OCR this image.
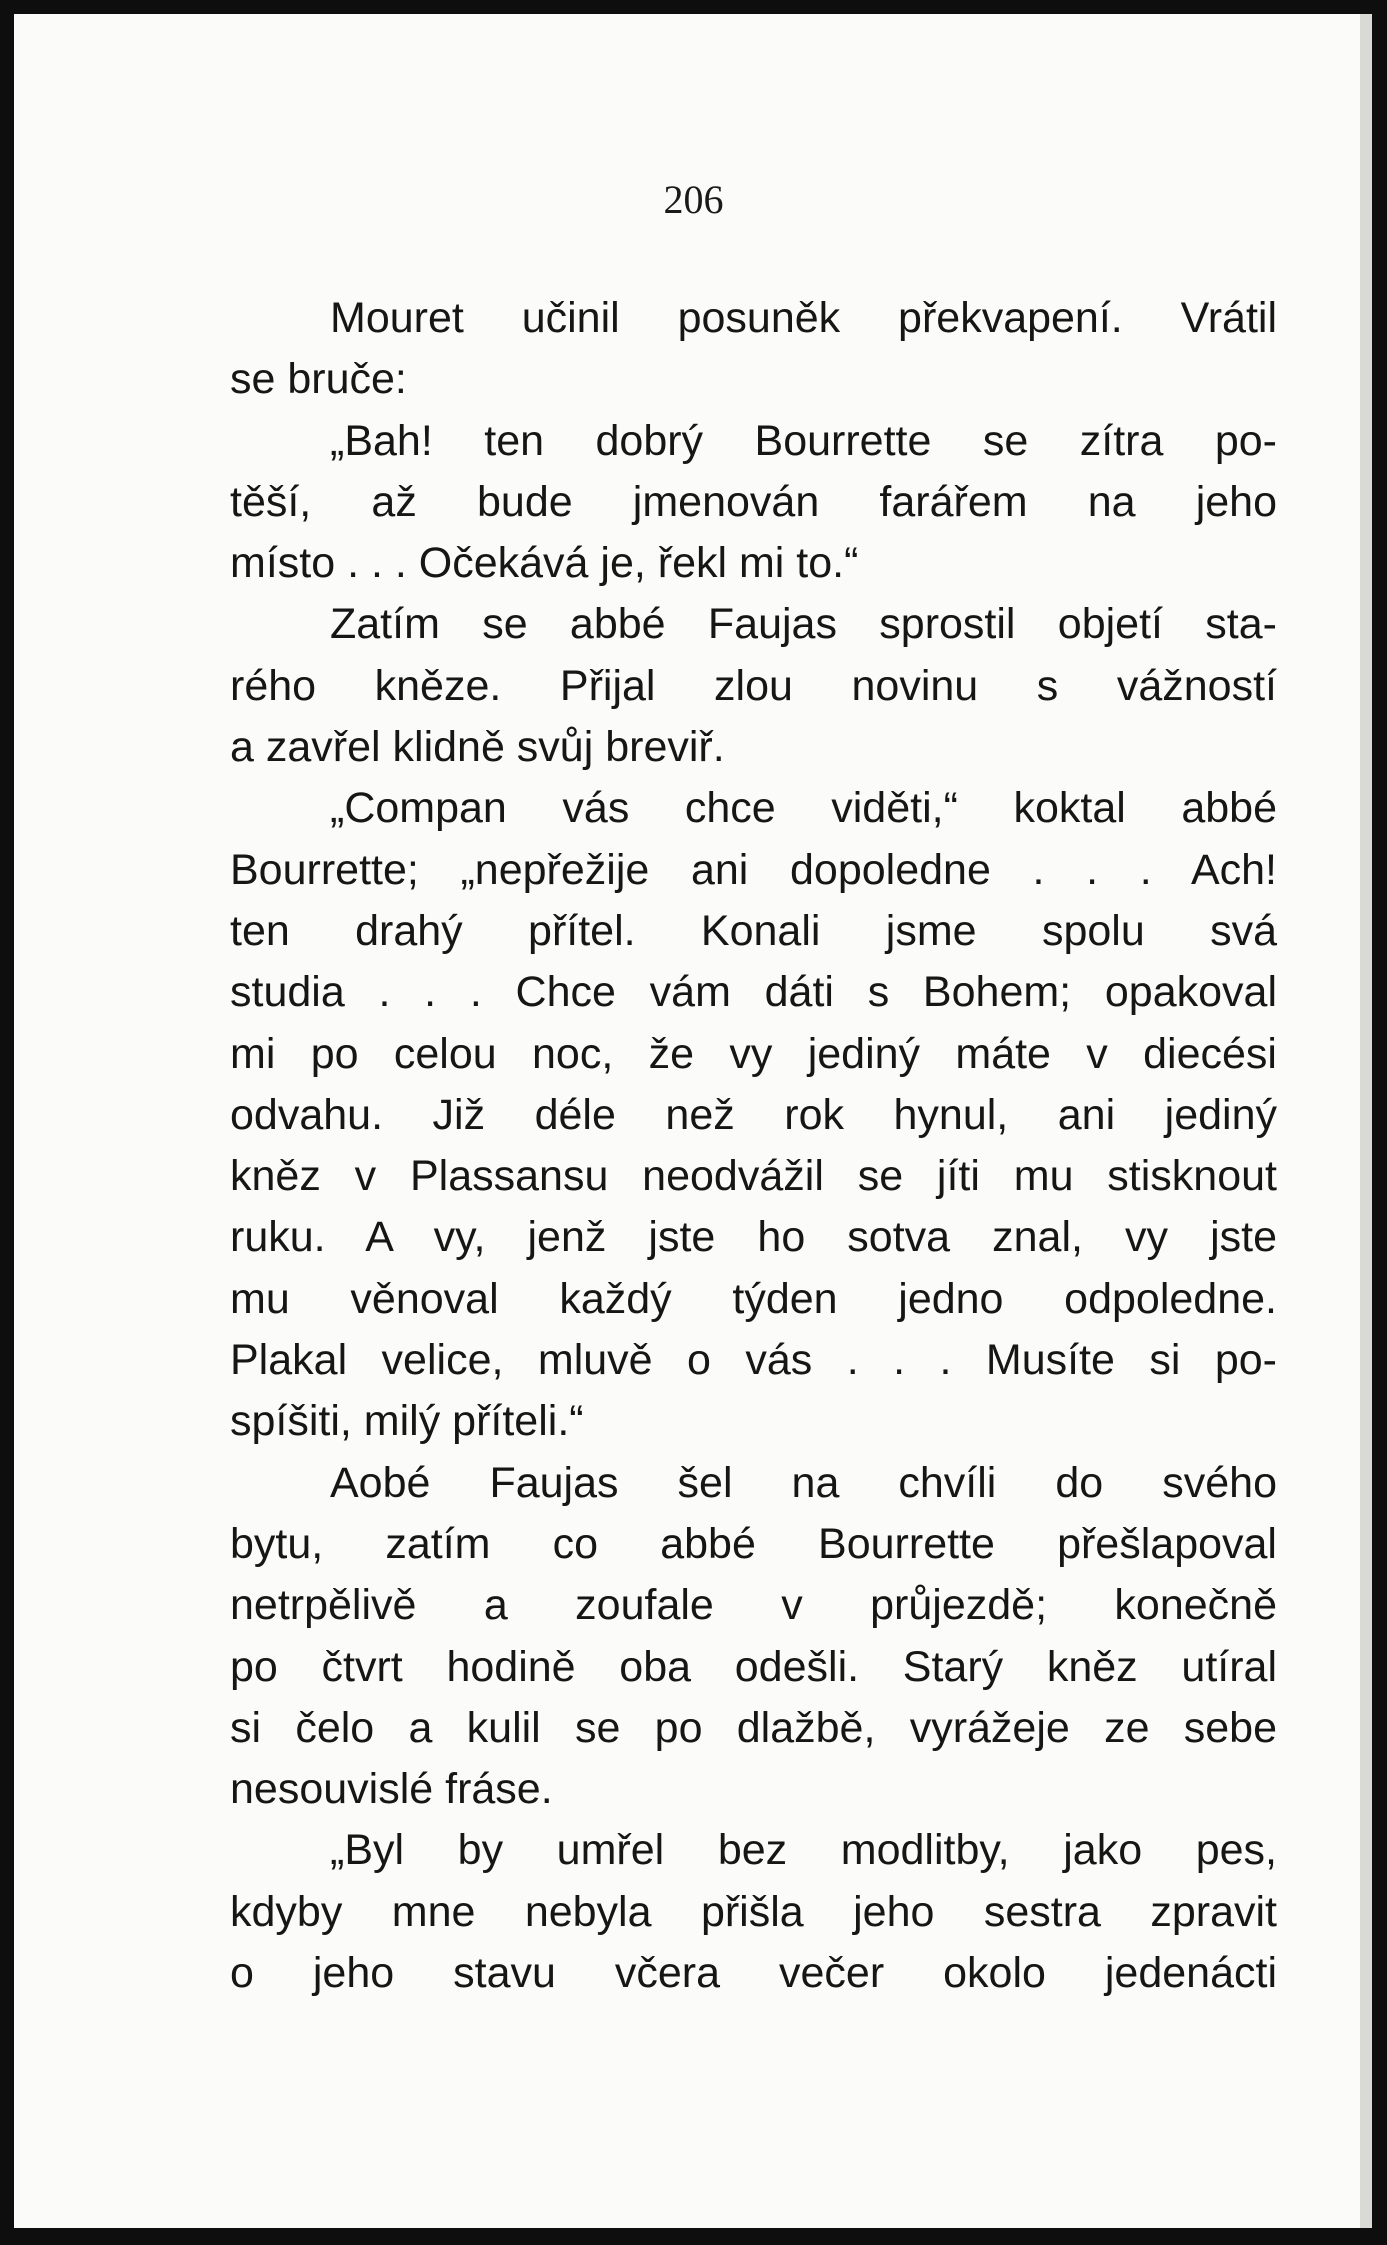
206
Mouret učinil posuněk překvapení. Vrátil
se bruče:
„Bah! ten dobrý Bourrette se zítra po-
těší, až bude jmenován farářem na jeho
místo . . . Očekává je, řekl mi to.“
Zatím se abbé Faujas sprostil objetí sta-
rého kněze. Přijal zlou novinu s vážností
a zavřel klidně svůj breviř.
„Compan vás chce viděti,“ koktal abbé
Bourrette; „nepřežije ani dopoledne . . . Ach!
ten drahý přítel. Konali jsme spolu svá
studia . . . Chce vám dáti s Bohem; opakoval
mi po celou noc, že vy jediný máte v diecési
odvahu. Již déle než rok hynul, ani jediný
kněz v Plassansu neodvážil se jíti mu stisknout
ruku. A vy, jenž jste ho sotva znal, vy jste
mu věnoval každý týden jedno odpoledne.
Plakal velice, mluvě o vás . . . Musíte si po-
spíšiti, milý příteli.“
Aobé Faujas šel na chvíli do svého
bytu, zatím co abbé Bourrette přešlapoval
netrpělivě a zoufale v průjezdě; konečně
po čtvrt hodině oba odešli. Starý kněz utíral
si čelo a kulil se po dlažbě, vyrážeje ze sebe
nesouvislé fráse.
„Byl by umřel bez modlitby, jako pes,
kdyby mne nebyla přišla jeho sestra zpravit
o jeho stavu včera večer okolo jedenácti
